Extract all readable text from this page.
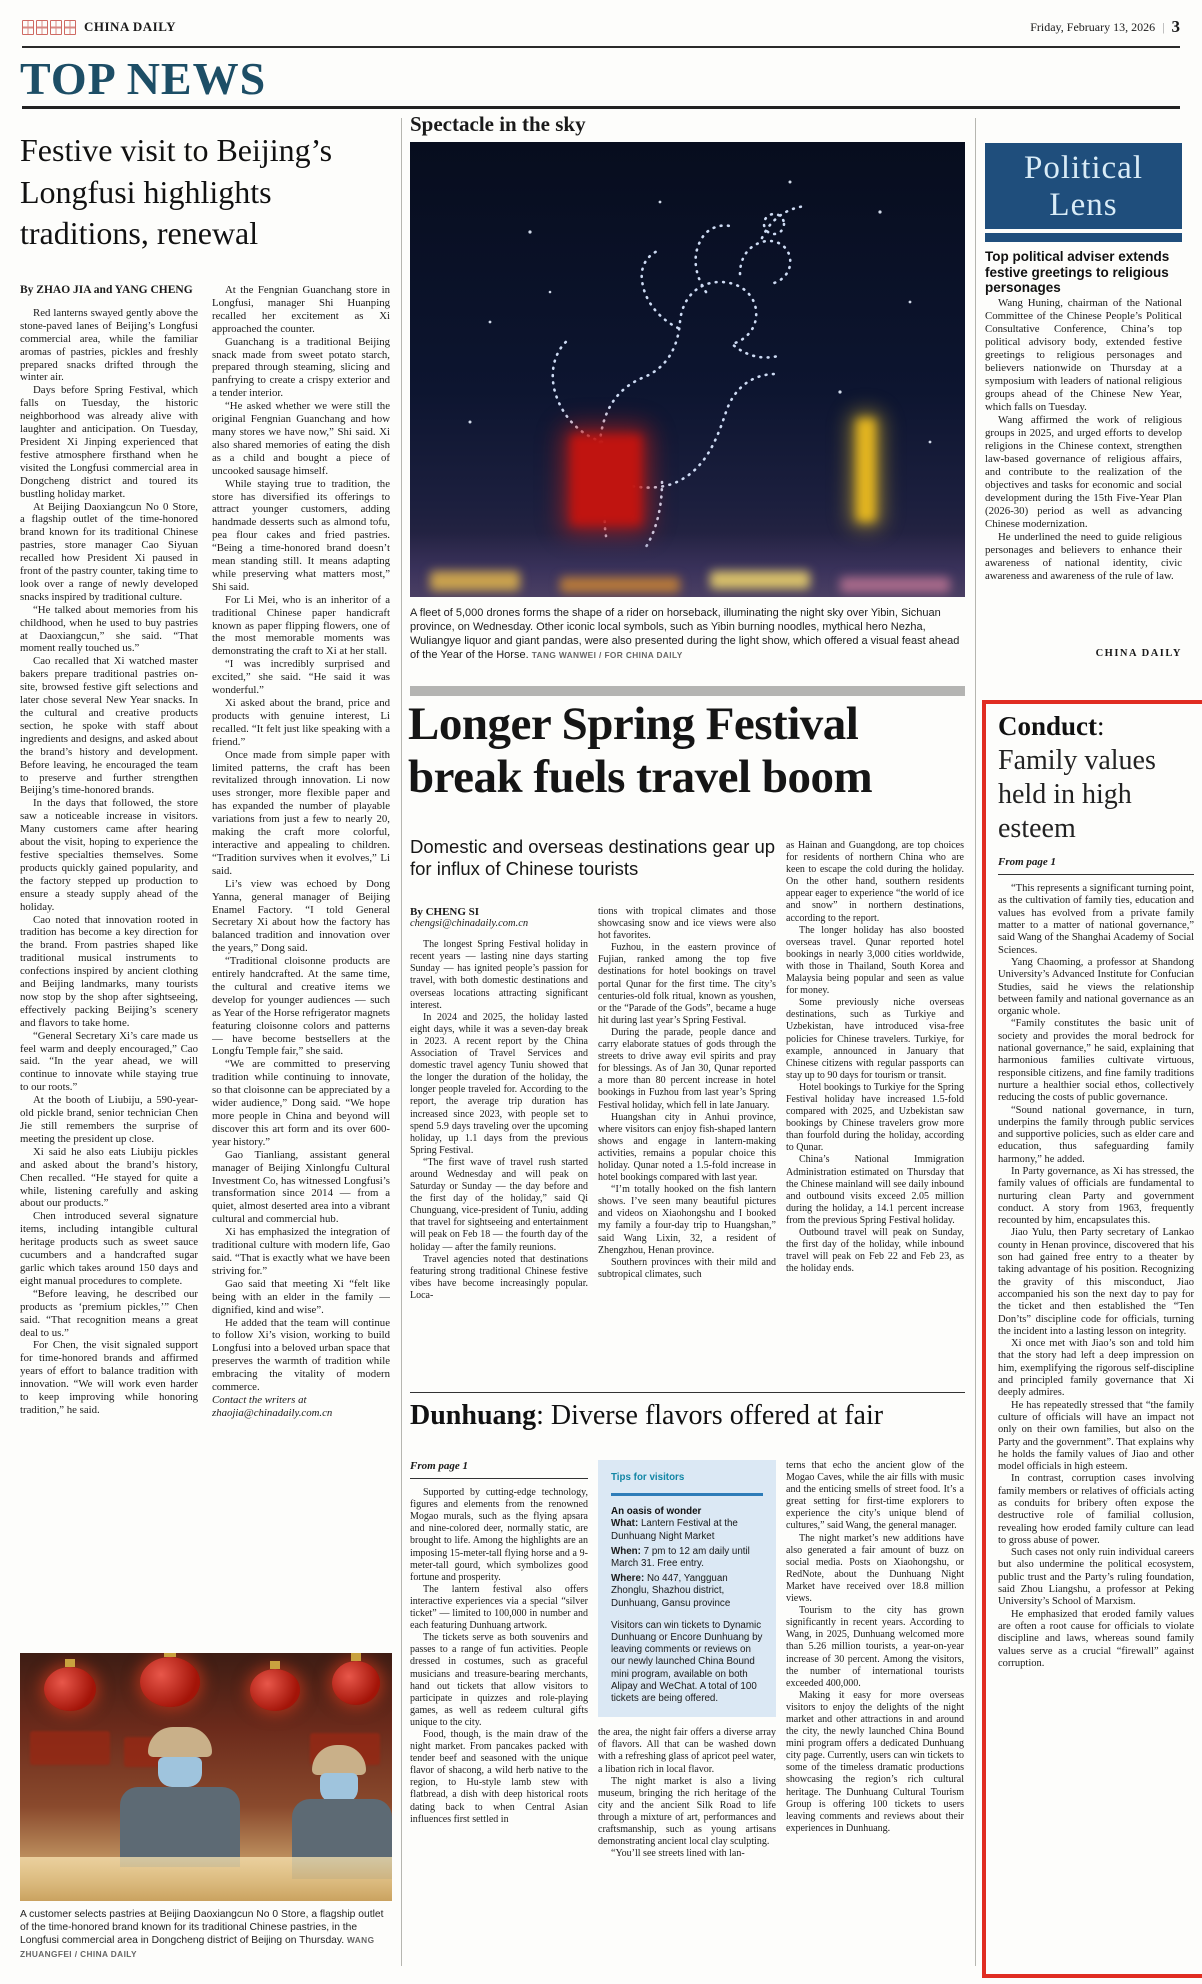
CHINA DAILY	Friday, February 13, 2026 | 3
TOP NEWS
Festive visit to Beijing’s Longfusi highlights traditions, renewal

By ZHAO JIA and YANG CHENG

Red lanterns swayed gently above the stone-paved lanes of Beijing’s Longfusi commercial area, while the familiar aromas of pastries, pickles and freshly prepared snacks drifted through the winter air.

Days before Spring Festival, which falls on Tuesday, the historic neighborhood was already alive with laughter and anticipation. On Tuesday, President Xi Jinping experienced that festive atmosphere firsthand when he visited the Longfusi commercial area in Dongcheng district and toured its bustling holiday market.

At Beijing Daoxiangcun No 0 Store, a flagship outlet of the time-honored brand known for its traditional Chinese pastries, store manager Cao Siyuan recalled how President Xi paused in front of the pastry counter, taking time to look over a range of newly developed snacks inspired by traditional culture.

“He talked about memories from his childhood, when he used to buy pastries at Daoxiangcun,” she said. “That moment really touched us.”

Cao recalled that Xi watched master bakers prepare traditional pastries on-site, browsed festive gift selections and later chose several New Year snacks. In the cultural and creative products section, he spoke with staff about ingredients and designs, and asked about the brand’s history and development. Before leaving, he encouraged the team to preserve and further strengthen Beijing’s time-honored brands.

In the days that followed, the store saw a noticeable increase in visitors. Many customers came after hearing about the visit, hoping to experience the festive specialties themselves. Some products quickly gained popularity, and the factory stepped up production to ensure a steady supply ahead of the holiday.

Cao noted that innovation rooted in tradition has become a key direction for the brand. From pastries shaped like traditional musical instruments to confections inspired by ancient clothing and Beijing landmarks, many tourists now stop by the shop after sightseeing, effectively packing Beijing’s scenery and flavors to take home.

“General Secretary Xi’s care made us feel warm and deeply encouraged,” Cao said. “In the year ahead, we will continue to innovate while staying true to our roots.”

At the booth of Liubiju, a 590-year-old pickle brand, senior technician Chen Jie still remembers the surprise of meeting the president up close.

Xi said he also eats Liubiju pickles and asked about the brand’s history, Chen recalled. “He stayed for quite a while, listening carefully and asking about our products.”

Chen introduced several signature items, including intangible cultural heritage products such as sweet sauce cucumbers and a handcrafted sugar garlic which takes around 150 days and eight manual procedures to complete.

“Before leaving, he described our products as ‘premium pickles,’” Chen said. “That recognition means a great deal to us.”

For Chen, the visit signaled support for time-honored brands and affirmed years of effort to balance tradition with innovation. “We will work even harder to keep improving while honoring tradition,” he said.

At the Fengnian Guanchang store in Longfusi, manager Shi Huanping recalled her excitement as Xi approached the counter.

Guanchang is a traditional Beijing snack made from sweet potato starch, prepared through steaming, slicing and panfrying to create a crispy exterior and a tender interior.

“He asked whether we were still the original Fengnian Guanchang and how many stores we have now,” Shi said. Xi also shared memories of eating the dish as a child and bought a piece of uncooked sausage himself.

While staying true to tradition, the store has diversified its offerings to attract younger customers, adding handmade desserts such as almond tofu, pea flour cakes and fried pastries. “Being a time-honored brand doesn’t mean standing still. It means adapting while preserving what matters most,” Shi said.

For Li Mei, who is an inheritor of a traditional Chinese paper handicraft known as paper flipping flowers, one of the most memorable moments was demonstrating the craft to Xi at her stall.

“I was incredibly surprised and excited,” she said. “He said it was wonderful.”

Xi asked about the brand, price and products with genuine interest, Li recalled. “It felt just like speaking with a friend.”

Once made from simple paper with limited patterns, the craft has been revitalized through innovation. Li now uses stronger, more flexible paper and has expanded the number of playable variations from just a few to nearly 20, making the craft more colorful, interactive and appealing to children. “Tradition survives when it evolves,” Li said.

Li’s view was echoed by Dong Yanna, general manager of Beijing Enamel Factory. “I told General Secretary Xi about how the factory has balanced tradition and innovation over the years,” Dong said.

“Traditional cloisonne products are entirely handcrafted. At the same time, the cultural and creative items we develop for younger audiences — such as Year of the Horse refrigerator magnets featuring cloisonne colors and patterns — have become bestsellers at the Longfu Temple fair,” she said.

“We are committed to preserving tradition while continuing to innovate, so that cloisonne can be appreciated by a wider audience,” Dong said. “We hope more people in China and beyond will discover this art form and its over 600-year history.”

Gao Tianliang, assistant general manager of Beijing Xinlongfu Cultural Investment Co, has witnessed Longfusi’s transformation since 2014 — from a quiet, almost deserted area into a vibrant cultural and commercial hub.

Xi has emphasized the integration of traditional culture with modern life, Gao said. “That is exactly what we have been striving for.”

Gao said that meeting Xi “felt like being with an elder in the family — dignified, kind and wise”.

He added that the team will continue to follow Xi’s vision, working to build Longfusi into a beloved urban space that preserves the warmth of tradition while embracing the vitality of modern commerce.

Contact the writers at zhaojia@chinadaily.com.cn

A customer selects pastries at Beijing Daoxiangcun No 0 Store, a flagship outlet of the time-honored brand known for its traditional Chinese pastries, in the Longfusi commercial area in Dongcheng district of Beijing on Thursday. WANG ZHUANGFEI / CHINA DAILY
Spectacle in the sky
A fleet of 5,000 drones forms the shape of a rider on horseback, illuminating the night sky over Yibin, Sichuan province, on Wednesday. Other iconic local symbols, such as Yibin burning noodles, mythical hero Nezha, Wuliangye liquor and giant pandas, were also presented during the light show, which offered a visual feast ahead of the Year of the Horse. TANG WANWEI / FOR CHINA DAILY
Longer Spring Festival break fuels travel boom
Domestic and overseas destinations gear up for influx of Chinese tourists

By CHENG SI

chengsi@chinadaily.com.cn

The longest Spring Festival holiday in recent years — lasting nine days starting Sunday — has ignited people’s passion for travel, with both domestic destinations and overseas locations attracting significant interest.

In 2024 and 2025, the holiday lasted eight days, while it was a seven-day break in 2023. A recent report by the China Association of Travel Services and domestic travel agency Tuniu showed that the longer the duration of the holiday, the longer people traveled for. According to the report, the average trip duration has increased since 2023, with people set to spend 5.9 days traveling over the upcoming holiday, up 1.1 days from the previous Spring Festival.

“The first wave of travel rush started around Wednesday and will peak on Saturday or Sunday — the day before and the first day of the holiday,” said Qi Chunguang, vice-president of Tuniu, adding that travel for sightseeing and entertainment will peak on Feb 18 — the fourth day of the holiday — after the family reunions.

Travel agencies noted that destinations featuring strong traditional Chinese festive vibes have become increasingly popular. Loca-

tions with tropical climates and those showcasing snow and ice views were also hot favorites.

Fuzhou, in the eastern province of Fujian, ranked among the top five destinations for hotel bookings on travel portal Qunar for the first time. The city’s centuries-old folk ritual, known as youshen, or the “Parade of the Gods”, became a huge hit during last year’s Spring Festival.

During the parade, people dance and carry elaborate statues of gods through the streets to drive away evil spirits and pray for blessings. As of Jan 30, Qunar reported a more than 80 percent increase in hotel bookings in Fuzhou from last year’s Spring Festival holiday, which fell in late January.

Huangshan city in Anhui province, where visitors can enjoy fish-shaped lantern shows and engage in lantern-making activities, remains a popular choice this holiday. Qunar noted a 1.5-fold increase in hotel bookings compared with last year.

“I’m totally hooked on the fish lantern shows. I’ve seen many beautiful pictures and videos on Xiaohongshu and I booked my family a four-day trip to Huangshan,” said Wang Lixin, 32, a resident of Zhengzhou, Henan province.

Southern provinces with their mild and subtropical climates, such

as Hainan and Guangdong, are top choices for residents of northern China who are keen to escape the cold during the holiday. On the other hand, southern residents appear eager to experience “the world of ice and snow” in northern destinations, according to the report.

The longer holiday has also boosted overseas travel. Qunar reported hotel bookings in nearly 3,000 cities worldwide, with those in Thailand, South Korea and Malaysia being popular and seen as value for money.

Some previously niche overseas destinations, such as Turkiye and Uzbekistan, have introduced visa-free policies for Chinese travelers. Turkiye, for example, announced in January that Chinese citizens with regular passports can stay up to 90 days for tourism or transit.

Hotel bookings to Turkiye for the Spring Festival holiday have increased 1.5-fold compared with 2025, and Uzbekistan saw bookings by Chinese travelers grow more than fourfold during the holiday, according to Qunar.

China’s National Immigration Administration estimated on Thursday that the Chinese mainland will see daily inbound and outbound visits exceed 2.05 million during the holiday, a 14.1 percent increase from the previous Spring Festival holiday.

Outbound travel will peak on Sunday, the first day of the holiday, while inbound travel will peak on Feb 22 and Feb 23, as the holiday ends.

Dunhuang: Diverse flavors offered at fair

From page 1

Supported by cutting-edge technology, figures and elements from the renowned Mogao murals, such as the flying apsara and nine-colored deer, normally static, are brought to life. Among the highlights are an imposing 15-meter-tall flying horse and a 9-meter-tall gourd, which symbolizes good fortune and prosperity.

The lantern festival also offers interactive experiences via a special “silver ticket” — limited to 100,000 in number and each featuring Dunhuang artwork.

The tickets serve as both souvenirs and passes to a range of fun activities. People dressed in costumes, such as graceful musicians and treasure-bearing merchants, hand out tickets that allow visitors to participate in quizzes and role-playing games, as well as redeem cultural gifts unique to the city.

Food, though, is the main draw of the night market. From pancakes packed with tender beef and seasoned with the unique flavor of shacong, a wild herb native to the region, to Hu-style lamb stew with flatbread, a dish with deep historical roots dating back to when Central Asian influences first settled in

Tips for visitors

An oasis of wonder

What: Lantern Festival at the Dunhuang Night Market

When: 7 pm to 12 am daily until March 31. Free entry.

Where: No 447, Yangguan Zhonglu, Shazhou district, Dunhuang, Gansu province

Visitors can win tickets to Dynamic Dunhuang or Encore Dunhuang by leaving comments or reviews on our newly launched China Bound mini program, available on both Alipay and WeChat. A total of 100 tickets are being offered.

the area, the night fair offers a diverse array of flavors. All that can be washed down with a refreshing glass of apricot peel water, a libation rich in local flavor.

The night market is also a living museum, bringing the rich heritage of the city and the ancient Silk Road to life through a mixture of art, performances and craftsmanship, such as young artisans demonstrating ancient local clay sculpting.

“You’ll see streets lined with lan-

terns that echo the ancient glow of the Mogao Caves, while the air fills with music and the enticing smells of street food. It’s a great setting for first-time explorers to experience the city’s unique blend of cultures,” said Wang, the general manager.

The night market’s new additions have also generated a fair amount of buzz on social media. Posts on Xiaohongshu, or RedNote, about the Dunhuang Night Market have received over 18.8 million views.

Tourism to the city has grown significantly in recent years. According to Wang, in 2025, Dunhuang welcomed more than 5.26 million tourists, a year-on-year increase of 30 percent. Among the visitors, the number of international tourists exceeded 400,000.

Making it easy for more overseas visitors to enjoy the delights of the night market and other attractions in and around the city, the newly launched China Bound mini program offers a dedicated Dunhuang city page. Currently, users can win tickets to some of the timeless dramatic productions showcasing the region’s rich cultural heritage. The Dunhuang Cultural Tourism Group is offering 100 tickets to users leaving comments and reviews about their experiences in Dunhuang.

Political
Lens
Top political adviser extends festive greetings to religious personages

Wang Huning, chairman of the National Committee of the Chinese People’s Political Consultative Conference, China’s top political advisory body, extended festive greetings to religious personages and believers nationwide on Thursday at a symposium with leaders of national religious groups ahead of the Chinese New Year, which falls on Tuesday.

Wang affirmed the work of religious groups in 2025, and urged efforts to develop religions in the Chinese context, strengthen law-based governance of religious affairs, and contribute to the realization of the objectives and tasks for economic and social development during the 15th Five-Year Plan (2026-30) period as well as advancing Chinese modernization.

He underlined the need to guide religious personages and believers to enhance their awareness of national identity, civic awareness and awareness of the rule of law.

CHINA DAILY
Conduct:
Family values held in high esteem

From page 1

“This represents a significant turning point, as the cultivation of family ties, education and values has evolved from a private family matter to a matter of national governance,” said Wang of the Shanghai Academy of Social Sciences.

Yang Chaoming, a professor at Shandong University’s Advanced Institute for Confucian Studies, said he views the relationship between family and national governance as an organic whole.

“Family constitutes the basic unit of society and provides the moral bedrock for national governance,” he said, explaining that harmonious families cultivate virtuous, responsible citizens, and fine family traditions nurture a healthier social ethos, collectively reducing the costs of public governance.

“Sound national governance, in turn, underpins the family through public services and supportive policies, such as elder care and education, thus safeguarding family harmony,” he added.

In Party governance, as Xi has stressed, the family values of officials are fundamental to nurturing clean Party and government conduct. A story from 1963, frequently recounted by him, encapsulates this.

Jiao Yulu, then Party secretary of Lankao county in Henan province, discovered that his son had gained free entry to a theater by taking advantage of his position. Recognizing the gravity of this misconduct, Jiao accompanied his son the next day to pay for the ticket and then established the “Ten Don’ts” discipline code for officials, turning the incident into a lasting lesson on integrity.

Xi once met with Jiao’s son and told him that the story had left a deep impression on him, exemplifying the rigorous self-discipline and principled family governance that Xi deeply admires.

He has repeatedly stressed that “the family culture of officials will have an impact not only on their own families, but also on the Party and the government”. That explains why he holds the family values of Jiao and other model officials in high esteem.

In contrast, corruption cases involving family members or relatives of officials acting as conduits for bribery often expose the destructive role of familial collusion, revealing how eroded family culture can lead to gross abuse of power.

Such cases not only ruin individual careers but also undermine the political ecosystem, public trust and the Party’s ruling foundation, said Zhou Liangshu, a professor at Peking University’s School of Marxism.

He emphasized that eroded family values are often a root cause for officials to violate discipline and laws, whereas sound family values serve as a crucial “firewall” against corruption.
